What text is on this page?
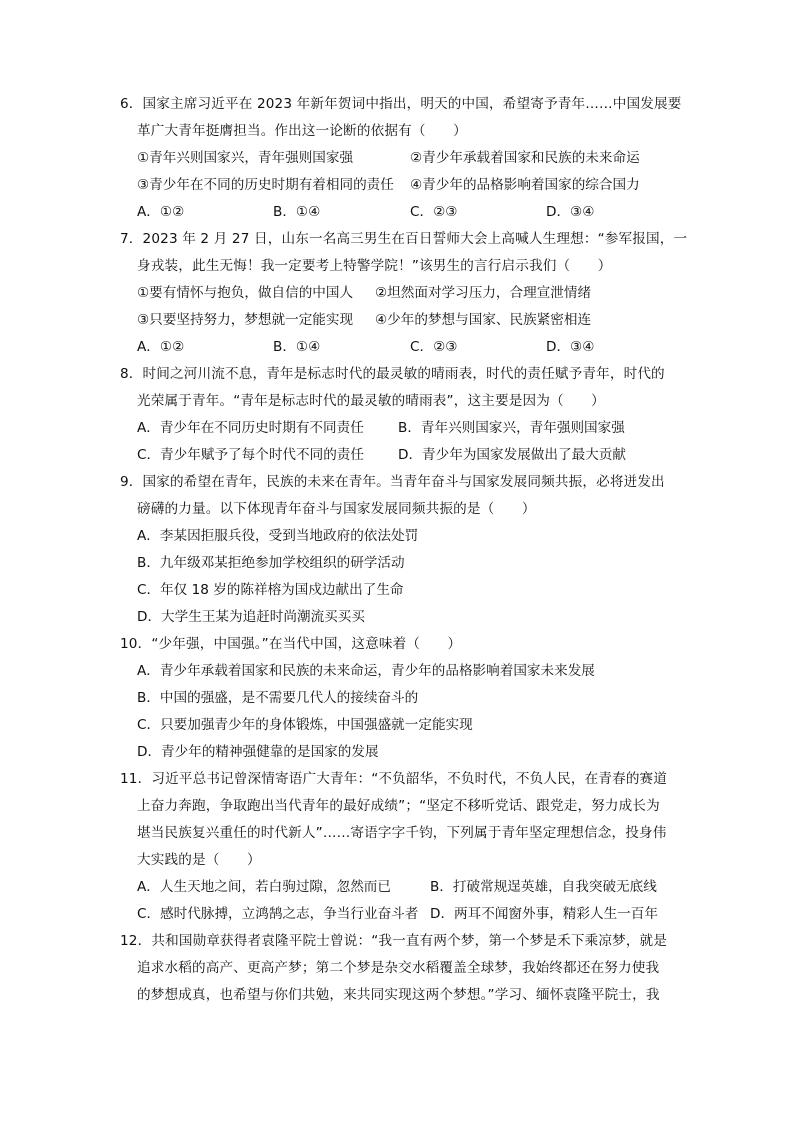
6．国家主席习近平在 2023 年新年贺词中指出，明天的中国，希望寄予青年……中国发展要
革广大青年挺膺担当。作出这一论断的依据有（　　）
①青年兴则国家兴，青年强则国家强	②青少年承载着国家和民族的未来命运
③青少年在不同的历史时期有着相同的责任 ④青少年的品格影响着国家的综合国力
A．①②	B．①④	C．②③	D．③④
7．2023 年 2 月 27 日，山东一名高三男生在百日誓师大会上高喊人生理想：“参军报国，一
身戎装，此生无悔！我一定要考上特警学院！”该男生的言行启示我们（　　）
①要有情怀与抱负，做自信的中国人 ②坦然面对学习压力，合理宣泄情绪
③只要坚持努力，梦想就一定能实现 ④少年的梦想与国家、民族紧密相连
A．①②	B．①④	C．②③	D．③④
8．时间之河川流不息，青年是标志时代的最灵敏的晴雨表，时代的责任赋予青年，时代的
光荣属于青年。“青年是标志时代的最灵敏的晴雨表”，这主要是因为（　　）
A．青少年在不同历史时期有不同责任	B．青年兴则国家兴，青年强则国家强
C．青少年赋予了每个时代不同的责任	D．青少年为国家发展做出了最大贡献
9．国家的希望在青年，民族的未来在青年。当青年奋斗与国家发展同频共振，必将迸发出
磅礴的力量。以下体现青年奋斗与国家发展同频共振的是（　　）
A．李某因拒服兵役，受到当地政府的依法处罚
B．九年级邓某拒绝参加学校组织的研学活动
C．年仅 18 岁的陈祥榕为国戍边献出了生命
D．大学生王某为追赶时尚潮流买买买
10．“少年强，中国强。”在当代中国，这意味着（　　）
A．青少年承载着国家和民族的未来命运，青少年的品格影响着国家未来发展
B．中国的强盛，是不需要几代人的接续奋斗的
C．只要加强青少年的身体锻炼，中国强盛就一定能实现
D．青少年的精神强健靠的是国家的发展
11．习近平总书记曾深情寄语广大青年：“不负韶华，不负时代，不负人民，在青春的赛道
上奋力奔跑，争取跑出当代青年的最好成绩”；“坚定不移听党话、跟党走，努力成长为
堪当民族复兴重任的时代新人”……寄语字字千钧，下列属于青年坚定理想信念，投身伟
大实践的是（　　）
A．人生天地之间，若白驹过隙，忽然而已	B．打破常规逞英雄，自我突破无底线
C．感时代脉搏，立鸿鹄之志，争当行业奋斗者 D．两耳不闻窗外事，精彩人生一百年
12．共和国勋章获得者袁隆平院士曾说：“我一直有两个梦，第一个梦是禾下乘凉梦，就是
追求水稻的高产、更高产梦；第二个梦是杂交水稻覆盖全球梦，我始终都还在努力使我
的梦想成真，也希望与你们共勉，来共同实现这两个梦想。”学习、缅怀袁隆平院士，我
